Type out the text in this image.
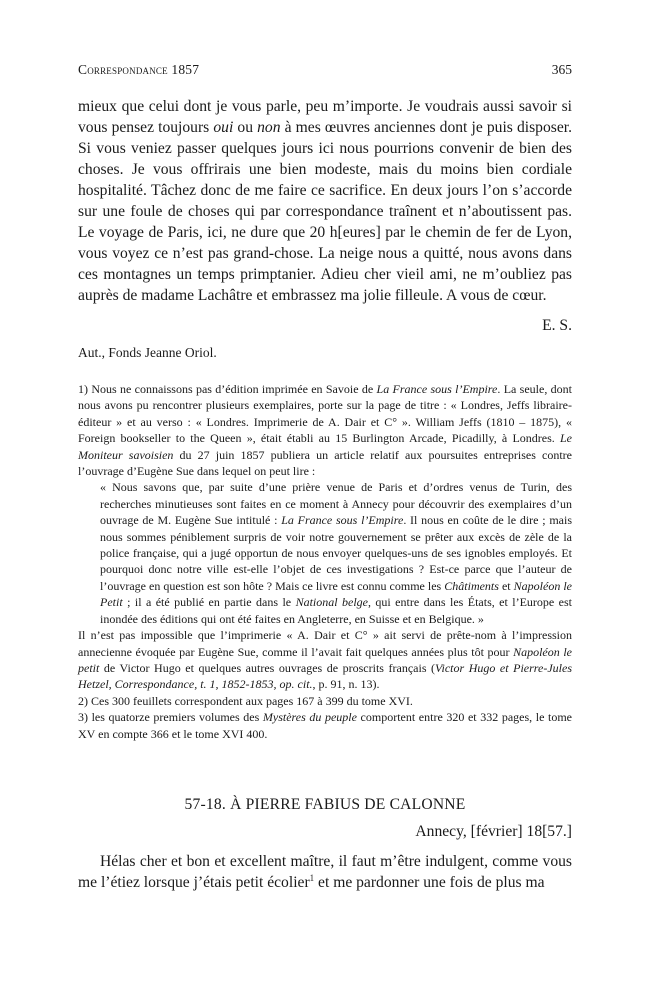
Correspondance 1857	365

mieux que celui dont je vous parle, peu m’importe. Je voudrais aussi savoir si vous pensez toujours oui ou non à mes œuvres anciennes dont je puis disposer. Si vous veniez passer quelques jours ici nous pourrions convenir de bien des choses. Je vous offrirais une bien modeste, mais du moins bien cordiale hospitalité. Tâchez donc de me faire ce sacrifice. En deux jours l’on s’accorde sur une foule de choses qui par correspondance traînent et n’aboutissent pas. Le voyage de Paris, ici, ne dure que 20 h[eures] par le chemin de fer de Lyon, vous voyez ce n’est pas grand-chose. La neige nous a quitté, nous avons dans ces montagnes un temps primptanier. Adieu cher vieil ami, ne m’oubliez pas auprès de madame Lachâtre et embrassez ma jolie filleule. A vous de cœur.

E. S.
Aut., Fonds Jeanne Oriol.

1) Nous ne connaissons pas d’édition imprimée en Savoie de La France sous l’Empire. La seule, dont nous avons pu rencontrer plusieurs exemplaires, porte sur la page de titre : « Londres, Jeffs libraire-éditeur » et au verso : « Londres. Imprimerie de A. Dair et C° ». William Jeffs (1810 – 1875), « Foreign bookseller to the Queen », était établi au 15 Burlington Arcade, Picadilly, à Londres. Le Moniteur savoisien du 27 juin 1857 publiera un article relatif aux poursuites entreprises contre l’ouvrage d’Eugène Sue dans lequel on peut lire :

« Nous savons que, par suite d’une prière venue de Paris et d’ordres venus de Turin, des recherches minutieuses sont faites en ce moment à Annecy pour découvrir des exemplaires d’un ouvrage de M. Eugène Sue intitulé : La France sous l’Empire. Il nous en coûte de le dire ; mais nous sommes péniblement surpris de voir notre gouvernement se prêter aux excès de zèle de la police française, qui a jugé opportun de nous envoyer quelques-uns de ses ignobles employés. Et pourquoi donc notre ville est-elle l’objet de ces investigations ? Est-ce parce que l’auteur de l’ouvrage en question est son hôte ? Mais ce livre est connu comme les Châtiments et Napoléon le Petit ; il a été publié en partie dans le National belge, qui entre dans les États, et l’Europe est inondée des éditions qui ont été faites en Angleterre, en Suisse et en Belgique. »

Il n’est pas impossible que l’imprimerie « A. Dair et C° » ait servi de prête-nom à l’impression annecienne évoquée par Eugène Sue, comme il l’avait fait quelques années plus tôt pour Napoléon le petit de Victor Hugo et quelques autres ouvrages de proscrits français (Victor Hugo et Pierre-Jules Hetzel, Correspondance, t. 1, 1852-1853, op. cit., p. 91, n. 13).

2) Ces 300 feuillets correspondent aux pages 167 à 399 du tome XVI.

3) les quatorze premiers volumes des Mystères du peuple comportent entre 320 et 332 pages, le tome XV en compte 366 et le tome XVI 400.

57-18. À PIERRE FABIUS DE CALONNE
Annecy, [février] 18[57.]

Hélas cher et bon et excellent maître, il faut m’être indulgent, comme vous me l’étiez lorsque j’étais petit écolier$^1$ et me pardonner une fois de plus ma
